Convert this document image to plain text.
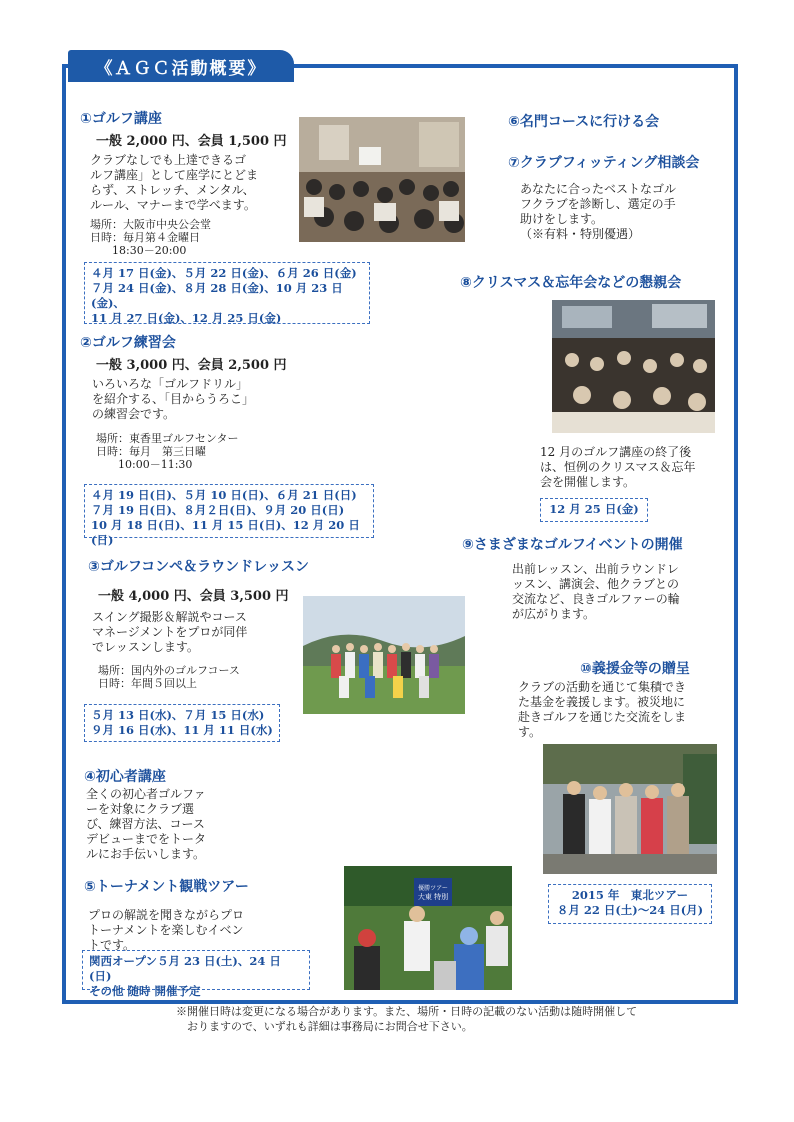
《ＡＧＣ活動概要》
①ゴルフ講座
一般 2,000 円、会員 1,500 円
クラブなしでも上達できるゴ
ルフ講座」として座学にとどま
らず、ストレッチ、メンタル、
ルール、マナーまで学べます。
場所：大阪市中央公会堂
日時：毎月第４金曜日
　　18:30－20:00
４月 17 日(金)、５月 22 日(金)、６月 26 日(金)
７月 24 日(金)、８月 28 日(金)、10 月 23 日(金)、
11 月 27 日(金)、12 月 25 日(金)
②ゴルフ練習会
一般 3,000 円、会員 2,500 円
いろいろな「ゴルフドリル」
を紹介する、「目からうろこ」
の練習会です。
場所：東香里ゴルフセンター
日時：毎月　第三日曜
　　10:00－11:30
４月 19 日(日)、５月 10 日(日)、６月 21 日(日)
７月 19 日(日)、８月２日(日)、９月 20 日(日)
10 月 18 日(日)、11 月 15 日(日)、12 月 20 日(日)
③ゴルフコンペ＆ラウンドレッスン
一般 4,000 円、会員 3,500 円
スイング撮影＆解説やコース
マネージメントをプロが同伴
でレッスンします。
場所：国内外のゴルフコース
日時：年間５回以上
５月 13 日(水)、７月 15 日(水)
９月 16 日(水)、11 月 11 日(水)
④初心者講座
全くの初心者ゴルファ
ーを対象にクラブ選
び、練習方法、コース
デビューまでをトータ
ルにお手伝いします。
⑤トーナメント観戦ツアー
プロの解説を聞きながらプロ
トーナメントを楽しむイベン
トです。
関西オープン５月 23 日(土)、24 日(日)
その他 随時 開催予定
優勝ツアー
大東 特別
⑥名門コースに行ける会
⑦クラブフィッティング相談会
あなたに合ったベストなゴル
フクラブを診断し、選定の手
助けをします。
（※有料・特別優遇）
⑧クリスマス＆忘年会などの懇親会
12 月のゴルフ講座の終了後
は、恒例のクリスマス＆忘年
会を開催します。
12 月 25 日(金)
⑨さまざまなゴルフイベントの開催
出前レッスン、出前ラウンドレ
ッスン、講演会、他クラブとの
交流など、良きゴルファーの輪
が広がります。
⑩義援金等の贈呈
クラブの活動を通じて集積でき
た基金を義援します。被災地に
赴きゴルフを通じた交流をしま
す。
2015 年　東北ツアー
８月 22 日(土)～24 日(月)
※開催日時は変更になる場合があります。また、場所・日時の記載のない活動は随時開催して
　おりますので、いずれも詳細は事務局にお問合せ下さい。
